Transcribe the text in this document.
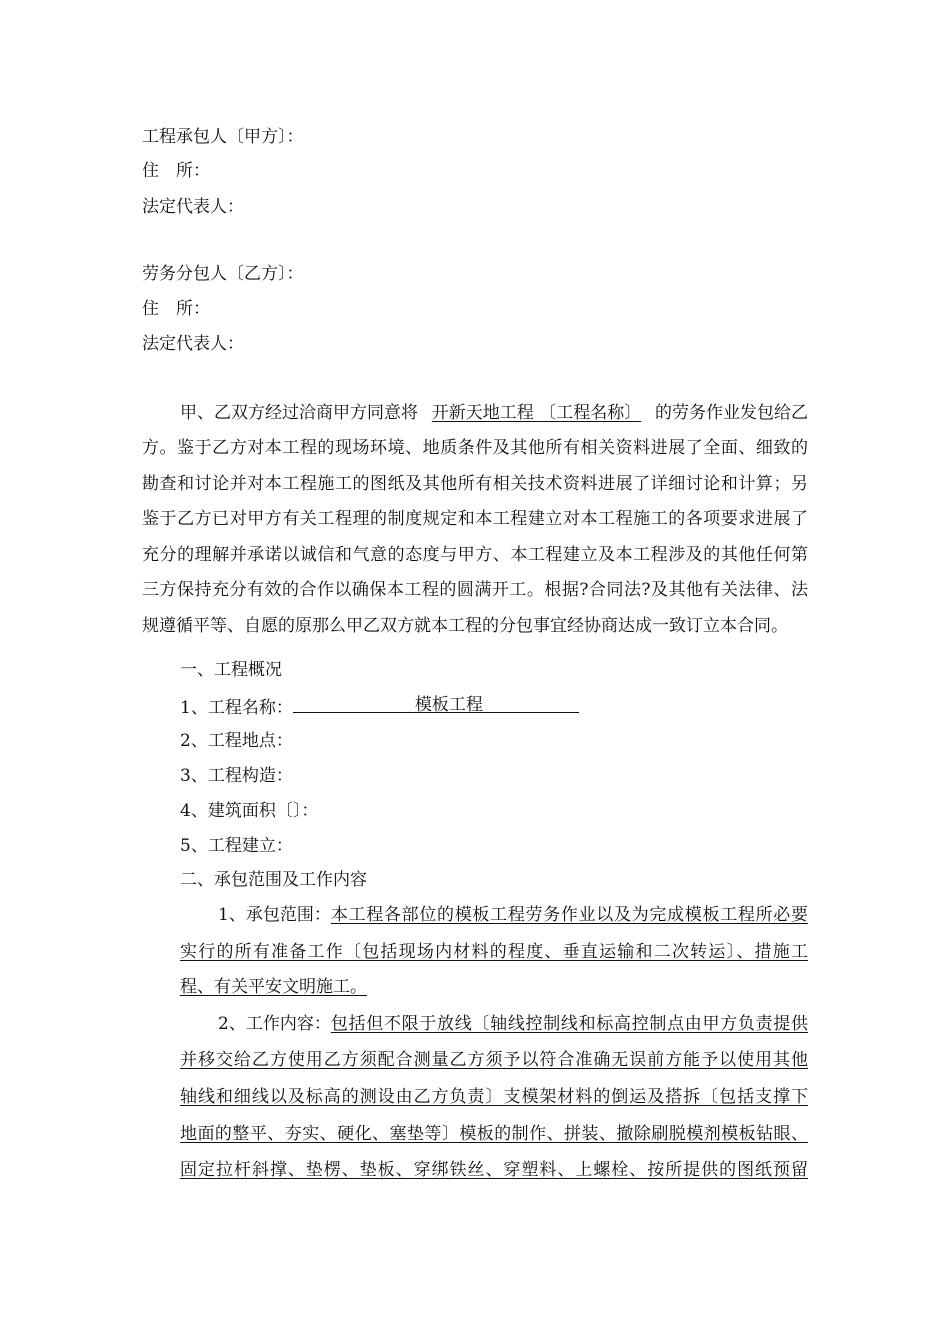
工程承包人〔甲方〕：
住　所：
法定代表人：
劳务分包人〔乙方〕：
住　所：
法定代表人：
甲、乙双方经过洽商甲方同意将 开新天地工程 〔工程名称〕 的劳务作业发包给乙
方。鉴于乙方对本工程的现场环境、地质条件及其他所有相关资料进展了全面、细致的
勘查和讨论并对本工程施工的图纸及其他所有相关技术资料进展了详细讨论和计算；另
鉴于乙方已对甲方有关工程理的制度规定和本工程建立对本工程施工的各项要求进展了
充分的理解并承诺以诚信和气意的态度与甲方、本工程建立及本工程涉及的其他任何第
三方保持充分有效的合作以确保本工程的圆满开工。根据?合同法?及其他有关法律、法
规遵循平等、自愿的原那么甲乙双方就本工程的分包事宜经协商达成一致订立本合同。
一、工程概况
1、工程名称：	模板工程
2、工程地点：
3、工程构造：
4、建筑面积〔〕：
5、工程建立：
二、承包范围及工作内容
1、承包范围： 本工程各部位的模板工程劳务作业以及为完成模板工程所必要
实行的所有准备工作〔包括现场内材料的程度、垂直运输和二次转运〕、措施工
程、有关平安文明施工。
2、工作内容： 包括但不限于放线〔轴线控制线和标高控制点由甲方负责提供
并移交给乙方使用乙方须配合测量乙方须予以符合准确无误前方能予以使用其他
轴线和细线以及标高的测设由乙方负责〕支模架材料的倒运及搭拆〔包括支撑下
地面的整平、夯实、硬化、塞垫等〕模板的制作、拼装、撤除刷脱模剂模板钻眼、
固定拉杆斜撑、垫楞、垫板、穿绑铁丝、穿塑料、上螺栓、按所提供的图纸预留
